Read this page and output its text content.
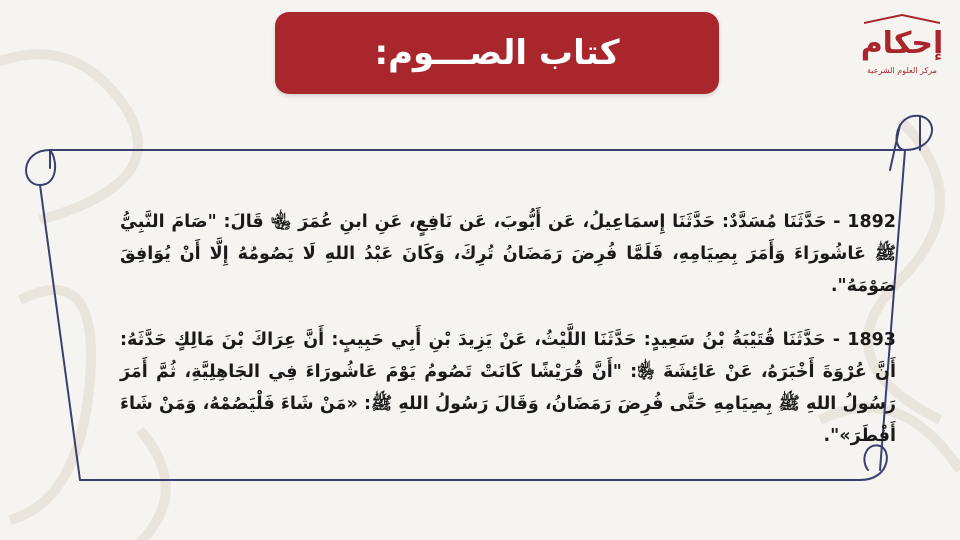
كتاب الصـــوم:	إحكام
مركز العلوم الشرعية

1892 - حَدَّثَنَا مُسَدَّدٌ: حَدَّثَنَا إِسمَاعِيلُ، عَن أَيُّوبَ، عَن نَافِعٍ، عَنِ ابنِ عُمَرَ ﵄ قَالَ: "صَامَ النَّبِيُّ ﷺ عَاشُورَاءَ وَأَمَرَ بِصِيَامِهِ، فَلَمَّا فُرِضَ رَمَضَانُ تُرِكَ، وَكَانَ عَبْدُ اللهِ لَا يَصُومُهُ إِلَّا أَنْ يُوَافِقَ صَوْمَهُ".

1893 - حَدَّثَنَا قُتَيْبَةُ بْنُ سَعِيدٍ: حَدَّثَنَا اللَّيْثُ، عَنْ يَزِيدَ بْنِ أَبِي حَبِيبٍ: أَنَّ عِرَاكَ بْنَ مَالِكٍ حَدَّثَهُ: أَنَّ عُرْوَةَ أَخْبَرَهُ، عَنْ عَائِشَةَ ﵂: "أَنَّ قُرَيْشًا كَانَتْ تَصُومُ يَوْمَ عَاشُورَاءَ فِي الجَاهِلِيَّةِ، ثُمَّ أَمَرَ رَسُولُ اللهِ ﷺ بِصِيَامِهِ حَتَّى فُرِضَ رَمَضَانُ، وَقَالَ رَسُولُ اللهِ ﷺ: «مَنْ شَاءَ فَلْيَصُمْهُ، وَمَنْ شَاءَ أَفْطَرَ»".
